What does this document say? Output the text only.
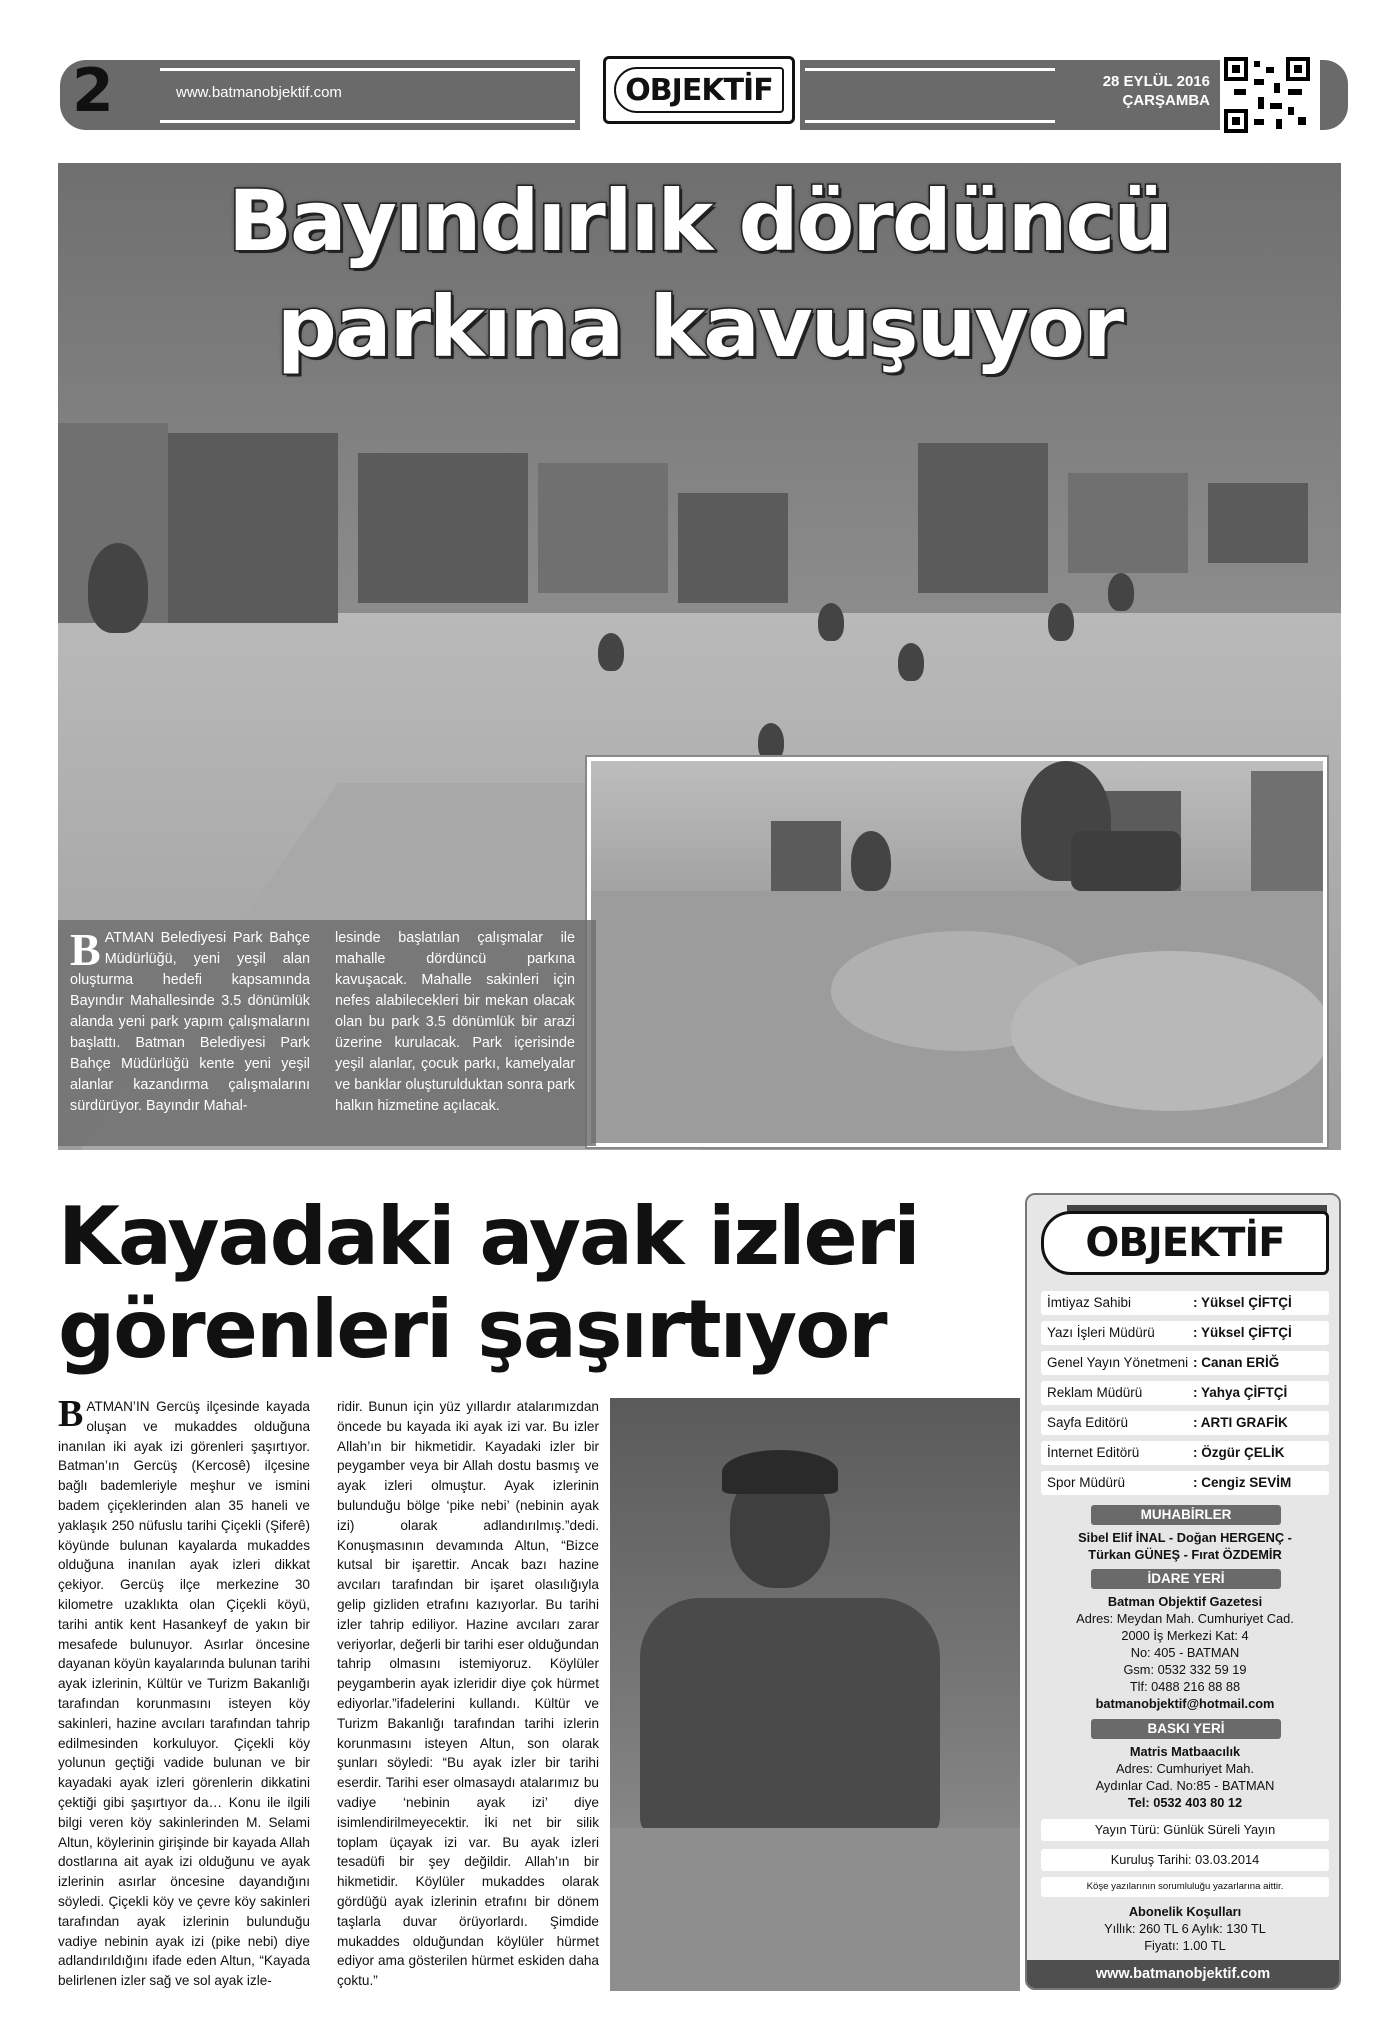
2	www.batmanobjektif.com
28 EYLÜL 2016
ÇARŞAMBA
OBJEKTİF
Bayındırlık dördüncü
parkına kavuşuyor
BATMAN Belediyesi Park Bahçe Müdürlüğü, yeni yeşil alan oluşturma hedefi kapsamında Bayındır Mahallesinde 3.5 dönümlük alanda yeni park yapım çalışmalarını başlattı. Batman Belediyesi Park Bahçe Müdürlüğü kente yeni yeşil alanlar kazandırma çalışmalarını sürdürüyor. Bayındır Mahal-
lesinde başlatılan çalışmalar ile mahalle dördüncü parkına kavuşacak. Mahalle sakinleri için nefes alabilecekleri bir mekan olacak olan bu park 3.5 dönümlük bir arazi üzerine kurulacak. Park içerisinde yeşil alanlar, çocuk parkı, kamelyalar ve banklar oluşturulduktan sonra park halkın hizmetine açılacak.
Kayadaki ayak izleri
görenleri şaşırtıyor
BATMAN’IN Gercüş ilçesinde kayada oluşan ve mukaddes olduğuna inanılan iki ayak izi görenleri şaşırtıyor. Batman’ın Gercüş (Kercosê) ilçesine bağlı bademleriyle meşhur ve ismini badem çiçeklerinden alan 35 haneli ve yaklaşık 250 nüfuslu tarihi Çiçekli (Şiferê) köyünde bulunan kayalarda mukaddes olduğuna inanılan ayak izleri dikkat çekiyor. Gercüş ilçe merkezine 30 kilometre uzaklıkta olan Çiçekli köyü, tarihi antik kent Hasankeyf de yakın bir mesafede bulunuyor. Asırlar öncesine dayanan köyün kayalarında bulunan tarihi ayak izlerinin, Kültür ve Turizm Bakanlığı tarafından korunmasını isteyen köy sakinleri, hazine avcıları tarafından tahrip edilmesinden korkuluyor. Çiçekli köy yolunun geçtiği vadide bulunan ve bir kayadaki ayak izleri görenlerin dikkatini çektiği gibi şaşırtıyor da… Konu ile ilgili bilgi veren köy sakinlerinden M. Selami Altun, köylerinin girişinde bir kayada Allah dostlarına ait ayak izi olduğunu ve ayak izlerinin asırlar öncesine dayandığını söyledi. Çiçekli köy ve çevre köy sakinleri tarafından ayak izlerinin bulunduğu vadiye nebinin ayak izi (pike nebi) diye adlandırıldığını ifade eden Altun, “Kayada belirlenen izler sağ ve sol ayak izle-
ridir. Bunun için yüz yıllardır atalarımızdan öncede bu kayada iki ayak izi var. Bu izler Allah’ın bir hikmetidir. Kayadaki izler bir peygamber veya bir Allah dostu basmış ve ayak izleri olmuştur. Ayak izlerinin bulunduğu bölge ‘pike nebi’ (nebinin ayak izi) olarak adlandırılmış.”dedi. Konuşmasının devamında Altun, “Bizce kutsal bir işarettir. Ancak bazı hazine avcıları tarafından bir işaret olasılığıyla gelip gizliden etrafını kazıyorlar. Bu tarihi izler tahrip ediliyor. Hazine avcıları zarar veriyorlar, değerli bir tarihi eser olduğundan tahrip olmasını istemiyoruz. Köylüler peygamberin ayak izleridir diye çok hürmet ediyorlar.”ifadelerini kullandı. Kültür ve Turizm Bakanlığı tarafından tarihi izlerin korunmasını isteyen Altun, son olarak şunları söyledi: “Bu ayak izler bir tarihi eserdir. Tarihi eser olmasaydı atalarımız bu vadiye ‘nebinin ayak izi’ diye isimlendirilmeyecektir. İki net bir silik toplam üçayak izi var. Bu ayak izleri tesadüfi bir şey değildir. Allah’ın bir hikmetidir. Köylüler mukaddes olarak gördüğü ayak izlerinin etrafını bir dönem taşlarla duvar örüyorlardı. Şimdide mukaddes olduğundan köylüler hürmet ediyor ama gösterilen hürmet eskiden daha çoktu.”
OBJEKTİF
İmtiyaz Sahibi	: Yüksel ÇİFTÇİ
Yazı İşleri Müdürü	: Yüksel ÇİFTÇİ
Genel Yayın Yönetmeni : Canan ERİĞ
Reklam Müdürü	: Yahya ÇİFTÇİ
Sayfa Editörü	: ARTI GRAFİK
İnternet Editörü	: Özgür ÇELİK
Spor Müdürü	: Cengiz SEVİM
MUHABİRLER
Sibel Elif İNAL - Doğan HERGENÇ -
Türkan GÜNEŞ - Fırat ÖZDEMİR
İDARE YERİ
Batman Objektif Gazetesi
Adres: Meydan Mah. Cumhuriyet Cad.
2000 İş Merkezi Kat: 4
No: 405 - BATMAN
Gsm: 0532 332 59 19
Tlf: 0488 216 88 88
batmanobjektif@hotmail.com
BASKI YERİ
Matris Matbaacılık
Adres: Cumhuriyet Mah.
Aydınlar Cad. No:85 - BATMAN
Tel: 0532 403 80 12
Yayın Türü: Günlük Süreli Yayın
Kuruluş Tarihi: 03.03.2014
Köşe yazılarının sorumluluğu yazarlarına aittir.
Abonelik Koşulları
Yıllık: 260 TL 6 Aylık: 130 TL
Fiyatı: 1.00 TL
www.batmanobjektif.com
